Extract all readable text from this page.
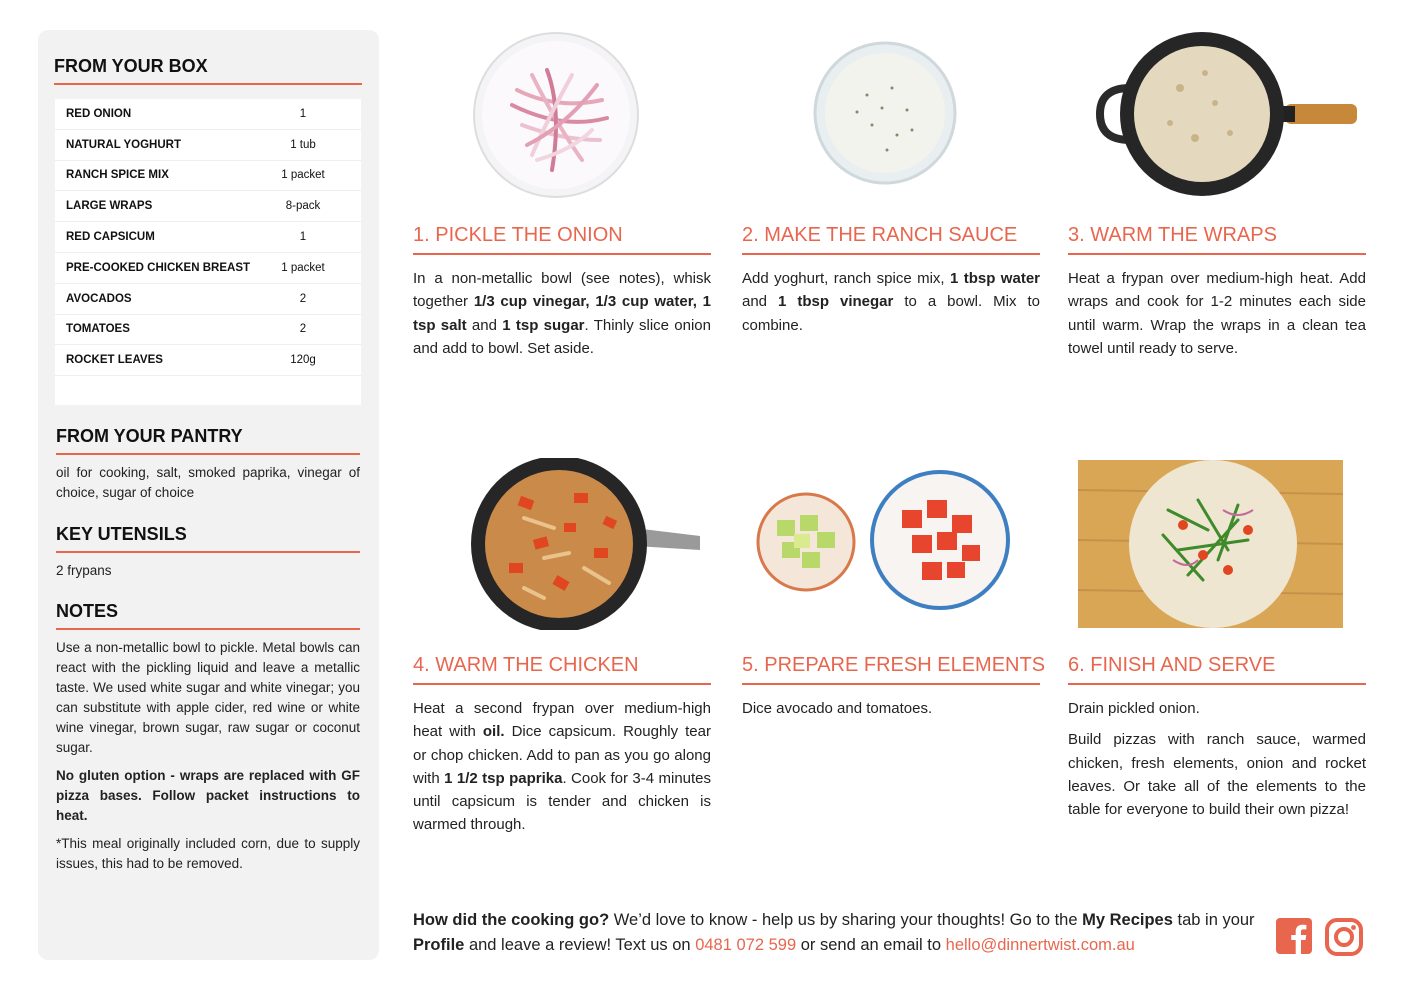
FROM YOUR BOX
RED ONION	1
NATURAL YOGHURT	1 tub
RANCH SPICE MIX	1 packet
LARGE WRAPS	8-pack
RED CAPSICUM	1
PRE-COOKED CHICKEN BREAST	1 packet
AVOCADOS	2
TOMATOES	2
ROCKET LEAVES	120g
FROM YOUR PANTRY
oil for cooking, salt, smoked paprika, vinegar of choice, sugar of choice
KEY UTENSILS
2 frypans
NOTES
Use a non-metallic bowl to pickle. Metal bowls can react with the pickling liquid and leave a metallic taste. We used white sugar and white vinegar; you can substitute with apple cider, red wine or white wine vinegar, brown sugar, raw sugar or coconut sugar.
No gluten option - wraps are replaced with GF pizza bases. Follow packet instructions to heat.
*This meal originally included corn, due to supply issues, this had to be removed.
1. PICKLE THE ONION

In a non-metallic bowl (see notes), whisk together 1/3 cup vinegar, 1/3 cup water, 1 tsp salt and 1 tsp sugar. Thinly slice onion and add to bowl. Set aside.

2. MAKE THE RANCH SAUCE

Add yoghurt, ranch spice mix, 1 tbsp water and 1 tbsp vinegar to a bowl. Mix to combine.

3. WARM THE WRAPS

Heat a frypan over medium-high heat. Add wraps and cook for 1-2 minutes each side until warm. Wrap the wraps in a clean tea towel until ready to serve.

4. WARM THE CHICKEN

Heat a second frypan over medium-high heat with oil. Dice capsicum. Roughly tear or chop chicken. Add to pan as you go along with 1 1/2 tsp paprika. Cook for 3-4 minutes until capsicum is tender and chicken is warmed through.

5. PREPARE FRESH ELEMENTS

Dice avocado and tomatoes.

6. FINISH AND SERVE

Drain pickled onion.

Build pizzas with ranch sauce, warmed chicken, fresh elements, onion and rocket leaves. Or take all of the elements to the table for everyone to build their own pizza!

How did the cooking go? We’d love to know - help us by sharing your thoughts! Go to the My Recipes tab in your Profile and leave a review! Text us on 0481 072 599 or send an email to hello@dinnertwist.com.au
